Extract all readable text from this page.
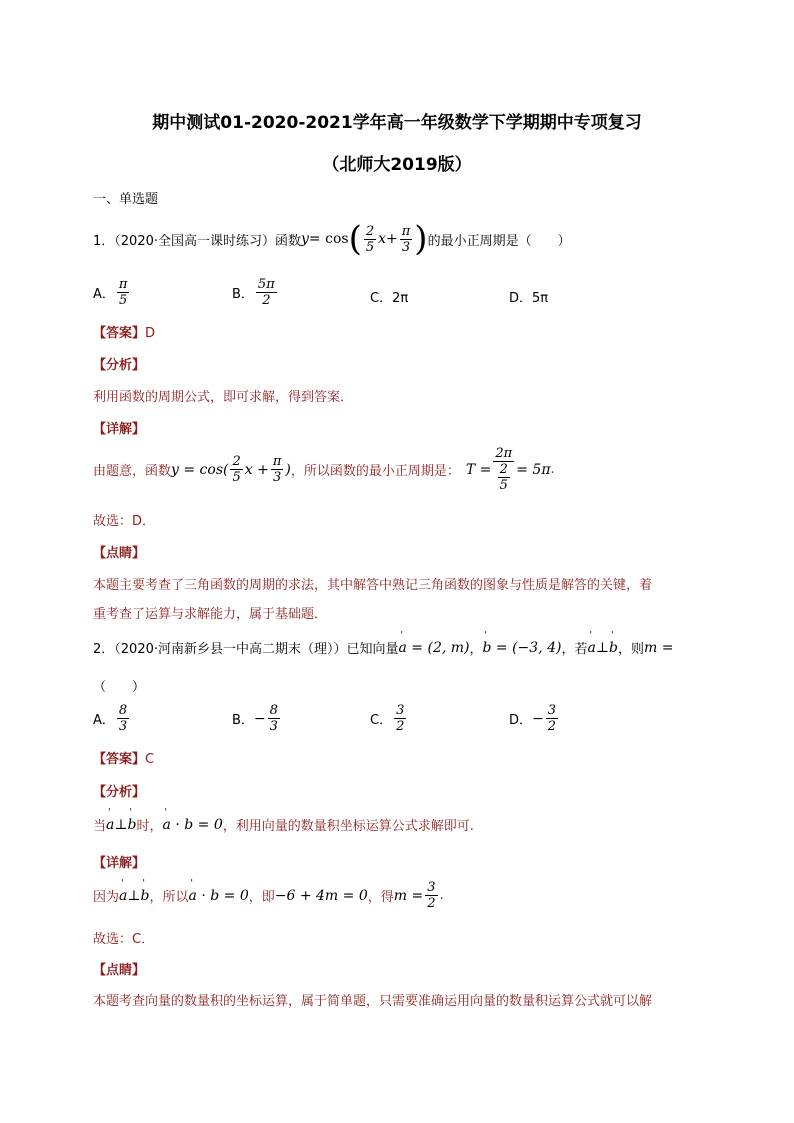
期中测试01-2020-2021学年高一年级数学下学期期中专项复习
（北师大2019版）
一、单选题
1．（2020·全国高一课时练习）函数 y = cos ( $\frac{2}{5}$ $x + \frac{\pi}{3}$ ) 的最小正周期是（　　）
A． $\frac{\pi}{5}$	B． $\frac{5\pi}{2}$	C．2π	D．5π
【答案】D
【分析】
利用函数的周期公式，即可求解，得到答案．
【详解】
由题意，函数 $y = \cos( \frac{2}{5}$ $x + \frac{\pi}{3}$ ) ，所以函数的最小正周期是： T = 2π
2
5 = 5π .
故选：D．
【点睛】
本题主要考查了三角函数的周期的求法，其中解答中熟记三角函数的图象与性质是解答的关键，着
重考查了运算与求解能力，属于基础题．
2．（2020·河南新乡县一中高二期末（理））已知向量 ' a = (2, m) ， ' b = (−3, 4) ，若 ' a ⊥ ' b ，则 m =
（　　）
A． $\frac{8}{3}$	B． − $\frac{8}{3}$	C． $\frac{3}{2}$	D． − $\frac{3}{2}$
【答案】C
【分析】
当 ' a ⊥ ' b 时， ' a · b = 0 ，利用向量的数量积坐标运算公式求解即可.
【详解】
因为 ' a ⊥ ' b ，所以 ' a · b = 0 ，即 −6 + 4m = 0 ，得 $m = \frac{3}{2}$ .
故选：C．
【点睛】
本题考查向量的数量积的坐标运算，属于简单题，只需要准确运用向量的数量积运算公式就可以解
